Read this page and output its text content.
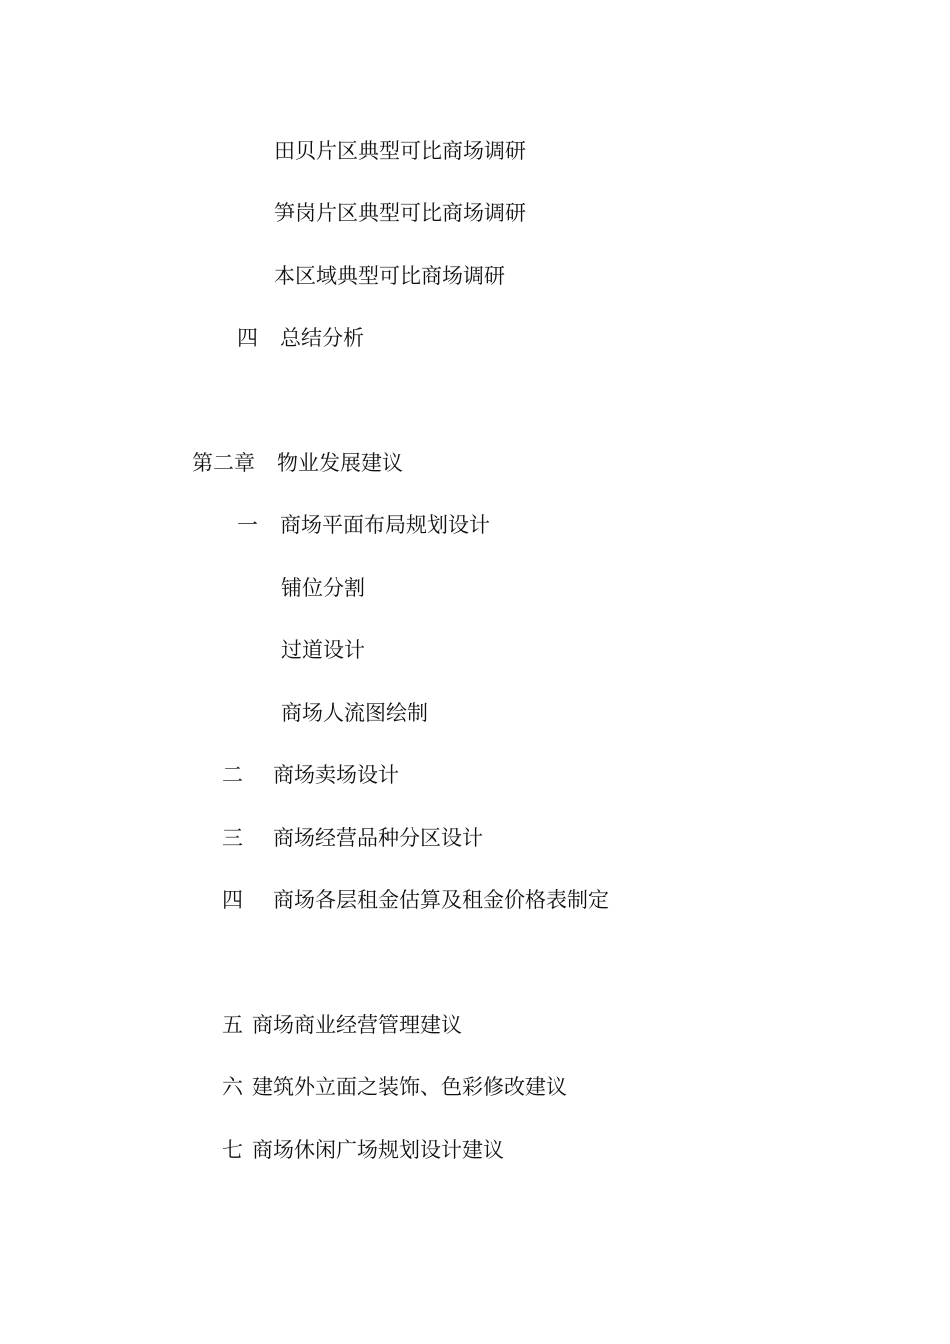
田贝片区典型可比商场调研
笋岗片区典型可比商场调研
本区域典型可比商场调研
四 总结分析
第二章 物业发展建议
一 商场平面布局规划设计
铺位分割
过道设计
商场人流图绘制
二 商场卖场设计
三 商场经营品种分区设计
四 商场各层租金估算及租金价格表制定
五 商场商业经营管理建议
六 建筑外立面之装饰、色彩修改建议
七 商场休闲广场规划设计建议
